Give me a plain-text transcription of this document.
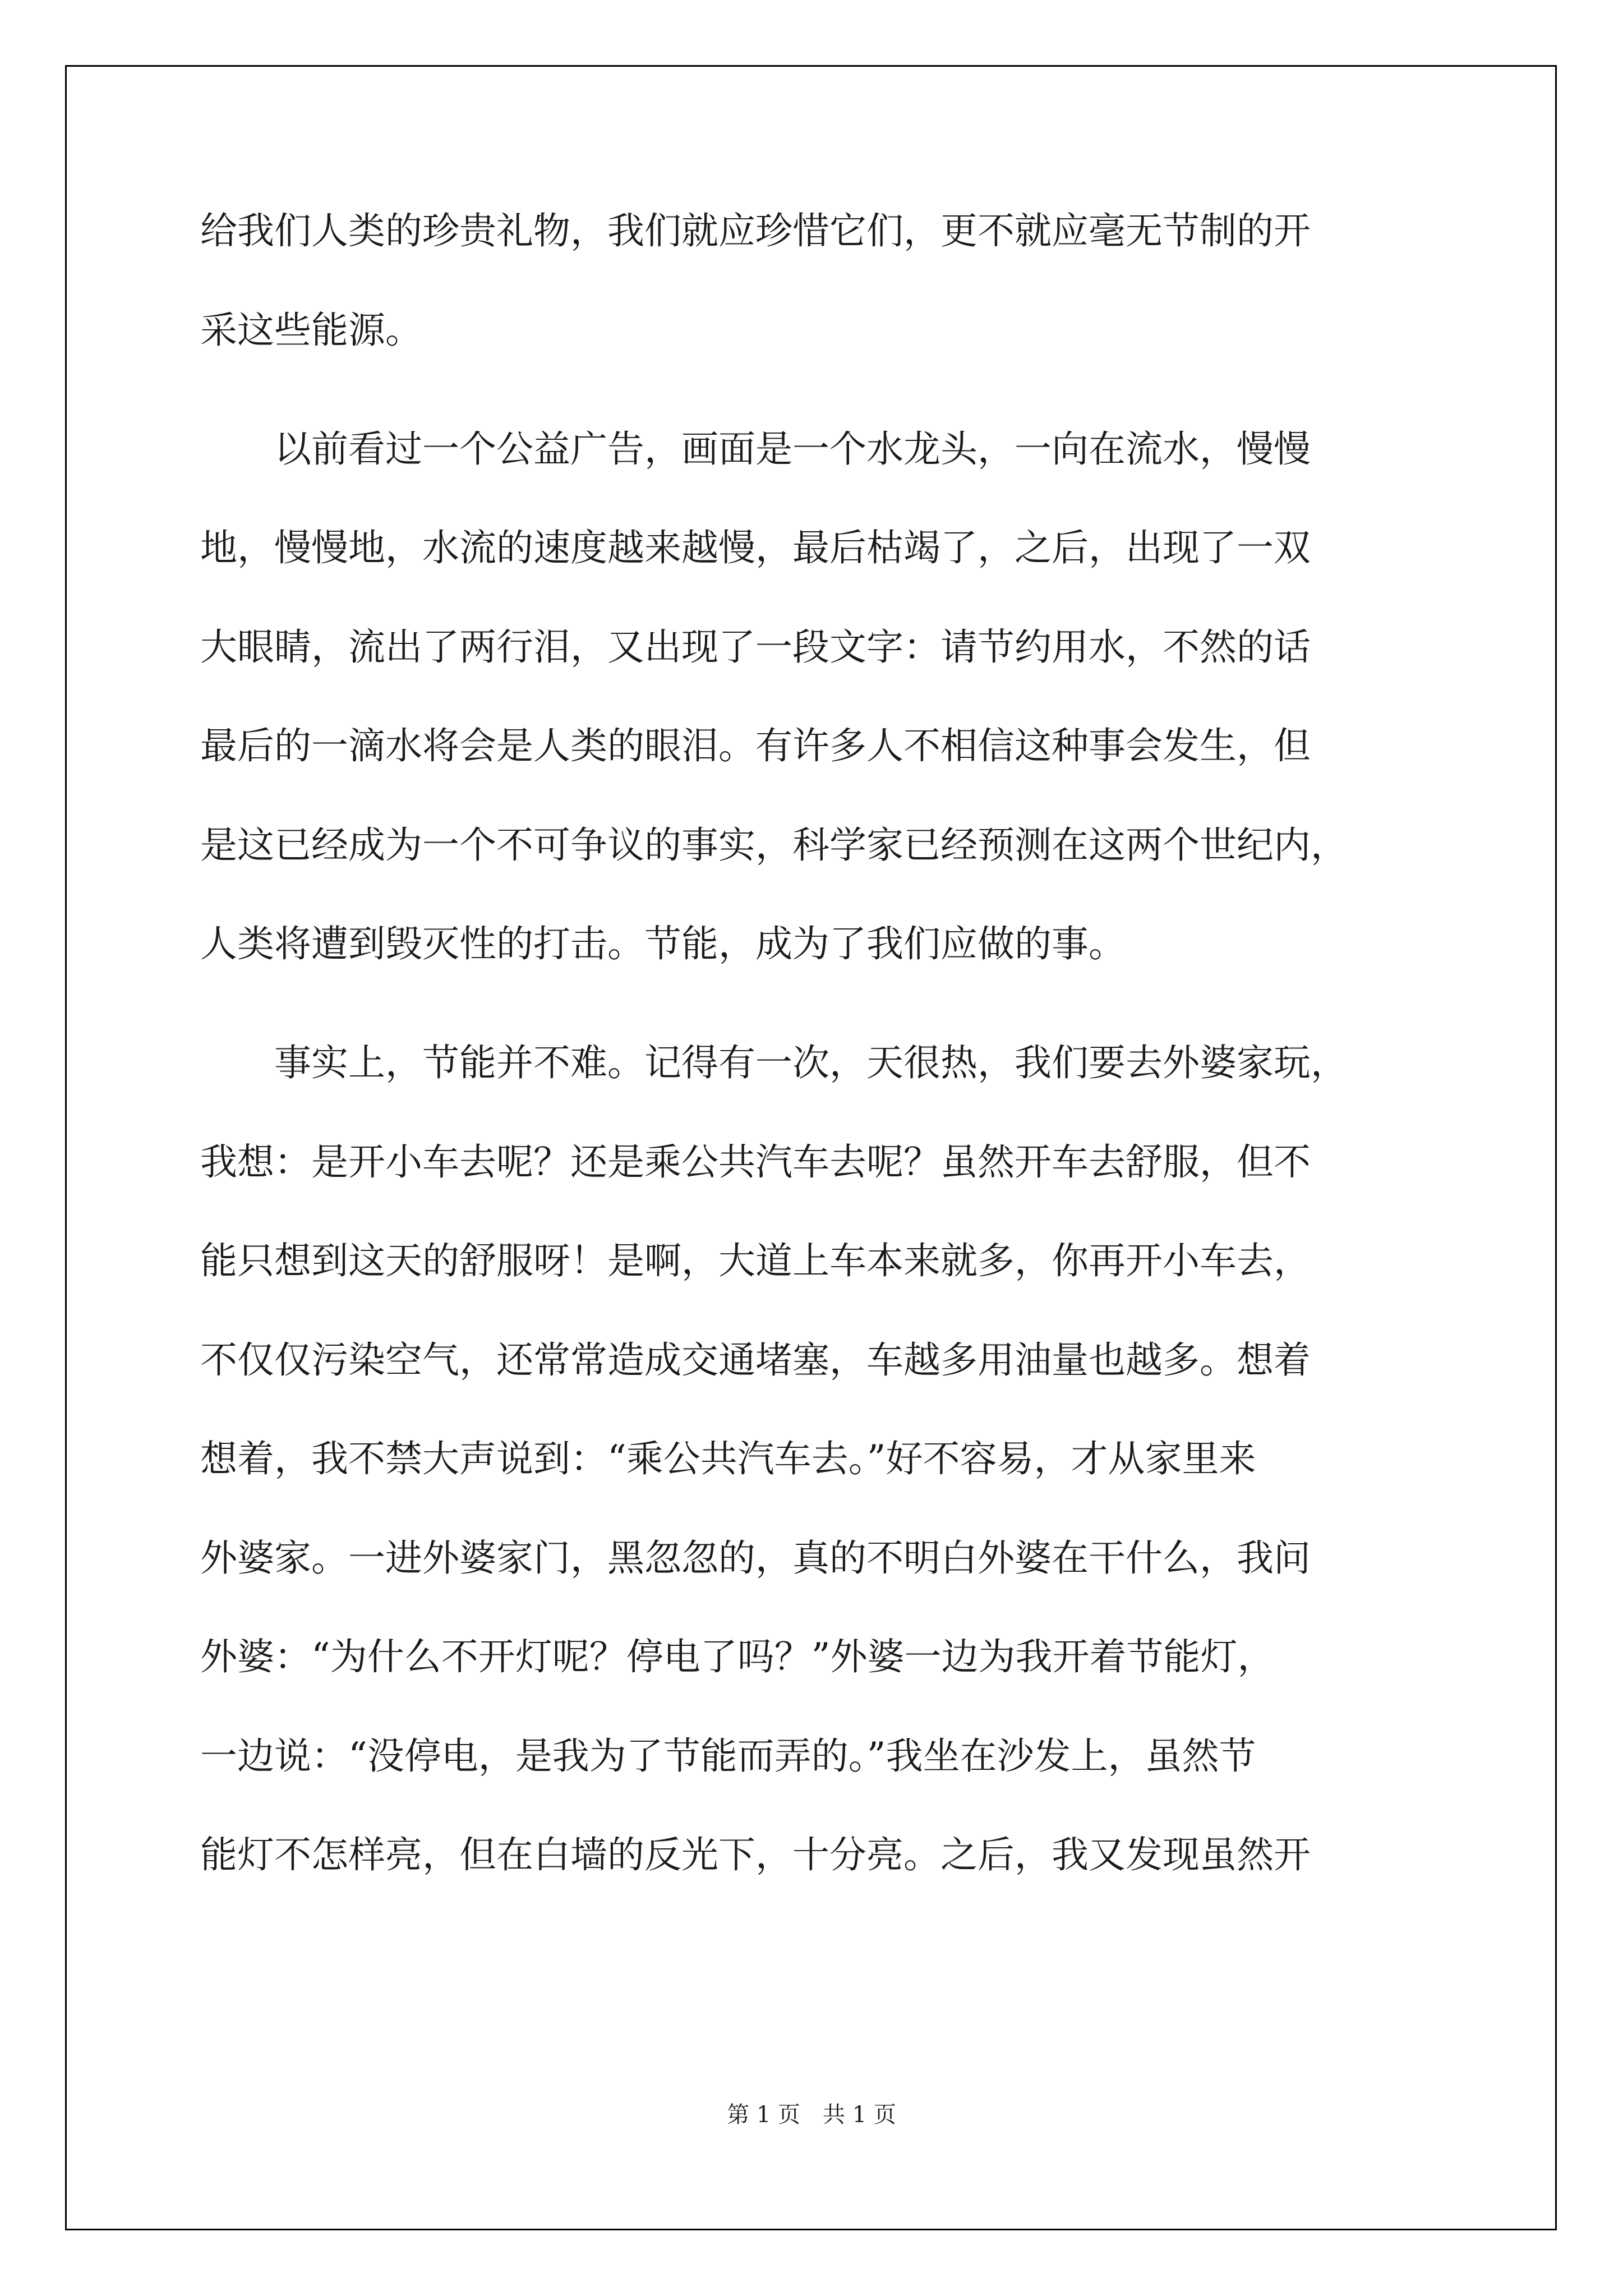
给我们人类的珍贵礼物，我们就应珍惜它们，更不就应毫无节制的开
采这些能源。
　　以前看过一个公益广告，画面是一个水龙头，一向在流水，慢慢
地，慢慢地，水流的速度越来越慢，最后枯竭了，之后，出现了一双
大眼睛，流出了两行泪，又出现了一段文字：请节约用水，不然的话
最后的一滴水将会是人类的眼泪。有许多人不相信这种事会发生，但
是这已经成为一个不可争议的事实，科学家已经预测在这两个世纪内，
人类将遭到毁灭性的打击。节能，成为了我们应做的事。
　　事实上，节能并不难。记得有一次，天很热，我们要去外婆家玩，
我想：是开小车去呢？还是乘公共汽车去呢？虽然开车去舒服，但不
能只想到这天的舒服呀！是啊，大道上车本来就多，你再开小车去，
不仅仅污染空气，还常常造成交通堵塞，车越多用油量也越多。想着
想着，我不禁大声说到：“乘公共汽车去。”好不容易，才从家里来
外婆家。一进外婆家门，黑忽忽的，真的不明白外婆在干什么，我问
外婆：“为什么不开灯呢？停电了吗？”外婆一边为我开着节能灯，
一边说：“没停电，是我为了节能而弄的。”我坐在沙发上，虽然节
能灯不怎样亮，但在白墙的反光下，十分亮。之后，我又发现虽然开
第 1 页　共 1 页
